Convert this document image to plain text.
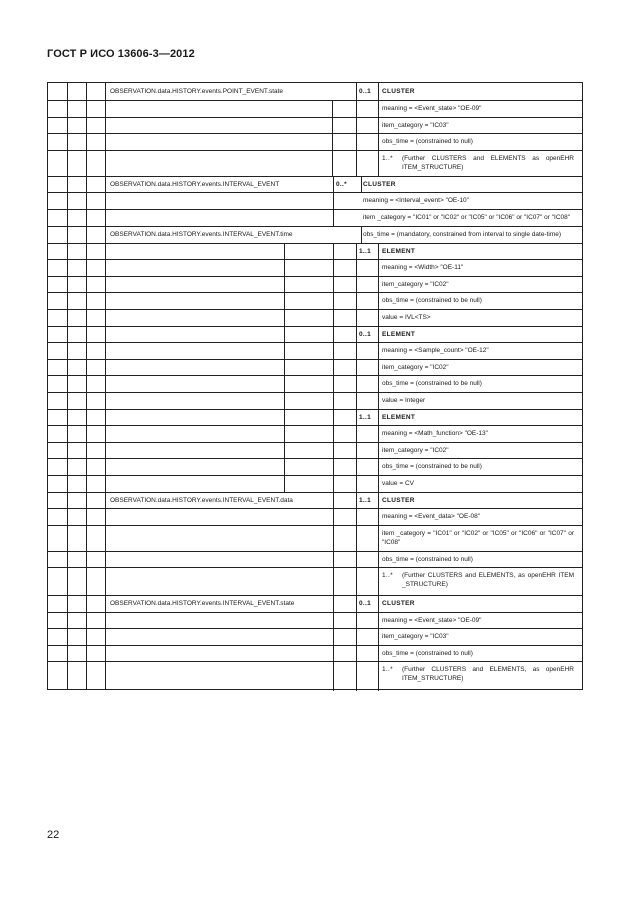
ГОСТ Р ИСО 13606-3—2012
OBSERVATION.data.HISTORY.events.POINT_EVENT.state	0..1 CLUSTER
meaning = <Event_state> "OE-09"
item_category = "IC03"
obs_time = (constrained to null)
1..* (Further CLUSTERS and ELEMENTS as openEHR ITEM_STRUCTURE)
OBSERVATION.data.HISTORY.events.INTERVAL_EVENT	0..* CLUSTER
meaning = <Interval_event> "OE-10"
item _category = "IC01" or "IC02" or "IC05" or "IC06" or "IC07" or "IC08"
OBSERVATION.data.HISTORY.events.INTERVAL_EVENT.time	obs_time = (mandatory, constrained from interval to single date-time)
1..1 ELEMENT
meaning = <Width> "OE-11"
item_category = "IC02"
obs_time = (constrained to be null)
value = IVL<TS>
0..1 ELEMENT
meaning = <Sample_count> "OE-12"
item_category = "IC02"
obs_time = (constrained to be null)
value = Integer
1..1 ELEMENT
meaning = <Math_function> "OE-13"
item_category = "IC02"
obs_time = (constrained to be null)
value = CV
OBSERVATION.data.HISTORY.events.INTERVAL_EVENT.data	1..1 CLUSTER
meaning = <Event_data> "OE-08"
item _category = "IC01" or "IC02" or "IC05" or "IC06" or "IC07" or "IC08"
obs_time = (constrained to null)
1..* (Further CLUSTERS and ELEMENTS, as openEHR ITEM _STRUCTURE)
OBSERVATION.data.HISTORY.events.INTERVAL_EVENT.state	0..1 CLUSTER
meaning = <Event_state> "OE-09"
item_category = "IC03"
obs_time = (constrained to null)
1..* (Further CLUSTERS and ELEMENTS, as openEHR ITEM_STRUCTURE)
22
